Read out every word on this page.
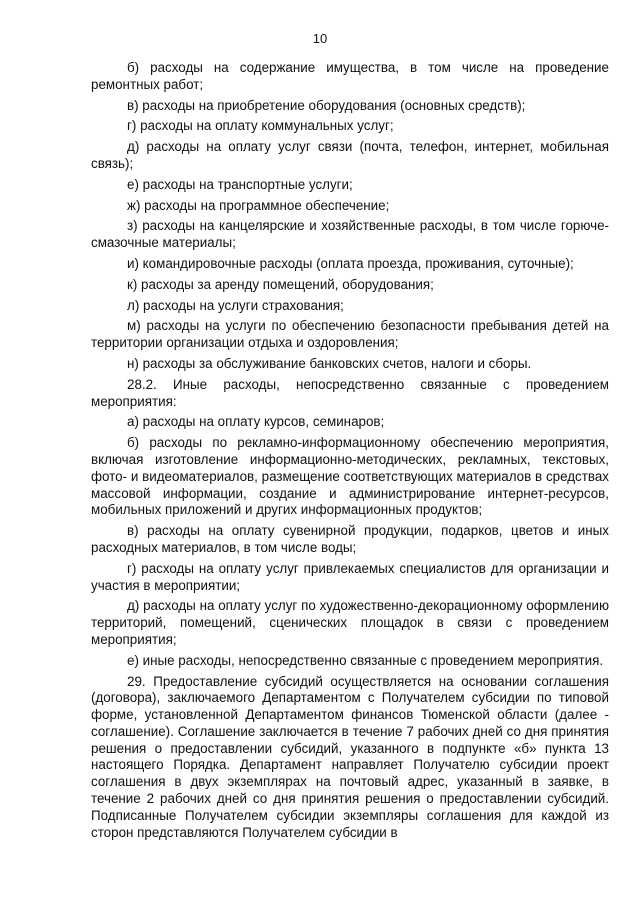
10

б) расходы на содержание имущества, в том числе на проведение ремонтных работ;

в) расходы на приобретение оборудования (основных средств);

г) расходы на оплату коммунальных услуг;

д) расходы на оплату услуг связи (почта, телефон, интернет, мобильная связь);

е) расходы на транспортные услуги;

ж) расходы на программное обеспечение;

з) расходы на канцелярские и хозяйственные расходы, в том числе горюче-смазочные материалы;

и) командировочные расходы (оплата проезда, проживания, суточные);

к) расходы за аренду помещений, оборудования;

л) расходы на услуги страхования;

м) расходы на услуги по обеспечению безопасности пребывания детей на территории организации отдыха и оздоровления;

н) расходы за обслуживание банковских счетов, налоги и сборы.

28.2. Иные расходы, непосредственно связанные с проведением мероприятия:

а) расходы на оплату курсов, семинаров;

б) расходы по рекламно-информационному обеспечению мероприятия, включая изготовление информационно-методических, рекламных, текстовых, фото- и видеоматериалов, размещение соответствующих материалов в средствах массовой информации, создание и администрирование интернет-ресурсов, мобильных приложений и других информационных продуктов;

в) расходы на оплату сувенирной продукции, подарков, цветов и иных расходных материалов, в том числе воды;

г) расходы на оплату услуг привлекаемых специалистов для организации и участия в мероприятии;

д) расходы на оплату услуг по художественно-декорационному оформлению территорий, помещений, сценических площадок в связи с проведением мероприятия;

е) иные расходы, непосредственно связанные с проведением мероприятия.

29. Предоставление субсидий осуществляется на основании соглашения (договора), заключаемого Департаментом с Получателем субсидии по типовой форме, установленной Департаментом финансов Тюменской области (далее - соглашение). Соглашение заключается в течение 7 рабочих дней со дня принятия решения о предоставлении субсидий, указанного в подпункте «б» пункта 13 настоящего Порядка. Департамент направляет Получателю субсидии проект соглашения в двух экземплярах на почтовый адрес, указанный в заявке, в течение 2 рабочих дней со дня принятия решения о предоставлении субсидий. Подписанные Получателем субсидии экземпляры соглашения для каждой из сторон представляются Получателем субсидии в
